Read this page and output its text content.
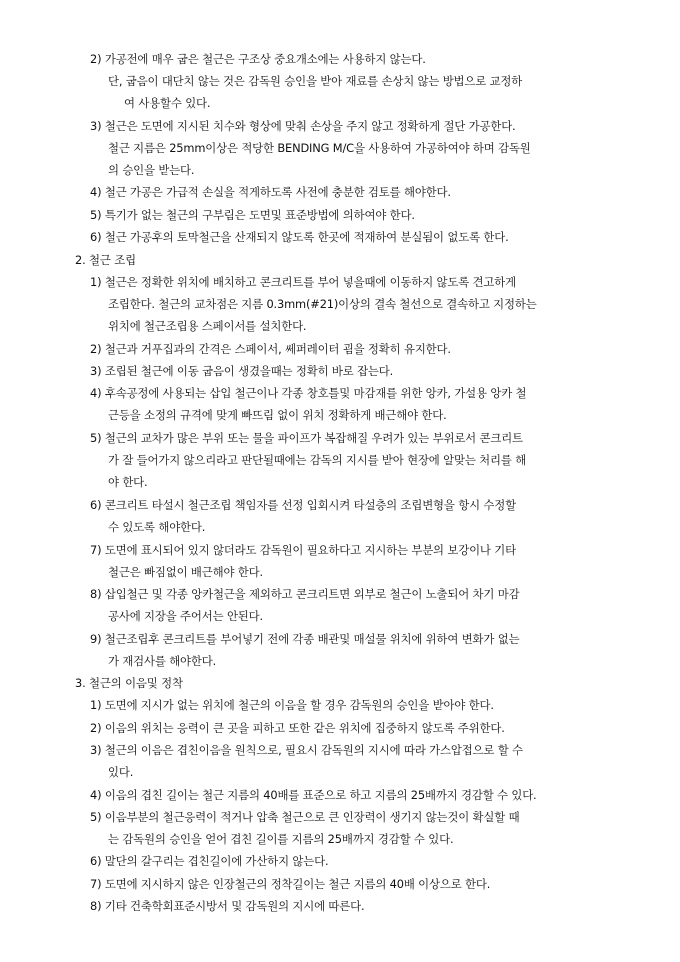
2) 가공전에 매우 굽은 철근은 구조상 중요개소에는 사용하지 않는다.
단, 굽음이 대단치 않는 것은 감독원 승인을 받아 재료를 손상치 않는 방법으로 교정하
여 사용할수 있다.
3) 철근은 도면에 지시된 치수와 형상에 맞춰 손상을 주지 않고 정확하게 절단 가공한다.
철근 지름은 25mm이상은 적당한 BENDING M/C을 사용하여 가공하여야 하며 감독원
의 승인을 받는다.
4) 철근 가공은 가급적 손실을 적게하도록 사전에 충분한 검토를 해야한다.
5) 특기가 없는 철근의 구부림은 도면및 표준방법에 의하여야 한다.
6) 철근 가공후의 토막철근을 산재되지 않도록 한곳에 적재하여 분실됨이 없도록 한다.
2. 철근 조립
1) 철근은 정확한 위치에 배치하고 콘크리트를 부어 넣을때에 이동하지 않도록 견고하게
조립한다. 철근의 교차점은 지름 0.3mm(#21)이상의 결속 철선으로 결속하고 지정하는
위치에 철근조립용 스페이서를 설치한다.
2) 철근과 거푸집과의 간격은 스페이서, 쎄퍼레이터 굄을 정확히 유지한다.
3) 조립된 철근에 이동 굽음이 생겼을때는 정확히 바로 잡는다.
4) 후속공정에 사용되는 삽입 철근이나 각종 창호틀및 마감재를 위한 앙카, 가설용 앙카 철
근등을 소정의 규격에 맞게 빠뜨림 없이 위치 정확하게 배근해야 한다.
5) 철근의 교차가 많은 부위 또는 물을 파이프가 복잡해질 우려가 있는 부위로서 콘크리트
가 잘 들어가지 않으리라고 판단될때에는 감독의 지시를 받아 현장에 알맞는 처리를 해
야 한다.
6) 콘크리트 타설시 철근조립 책임자를 선정 입회시켜 타설층의 조립변형을 항시 수정할
수 있도록 해야한다.
7) 도면에 표시되어 있지 않더라도 감독원이 필요하다고 지시하는 부분의 보강이나 기타
철근은 빠짐없이 배근해야 한다.
8) 삽입철근 및 각종 앙카철근을 제외하고 콘크리트면 외부로 철근이 노출되어 차기 마감
공사에 지장을 주어서는 안된다.
9) 철근조립후 콘크리트를 부어넣기 전에 각종 배관및 매설물 위치에 위하여 변화가 없는
가 재검사를 해야한다.
3. 철근의 이음및 정착
1) 도면에 지시가 없는 위치에 철근의 이음을 할 경우 감독원의 승인을 받아야 한다.
2) 이음의 위치는 응력이 큰 곳을 피하고 또한 같은 위치에 집중하지 않도록 주위한다.
3) 철근의 이음은 겹친이음을 원칙으로, 필요시 감독원의 지시에 따라 가스압접으로 할 수
있다.
4) 이음의 겹친 길이는 철근 지름의 40배를 표준으로 하고 지름의 25배까지 경감할 수 있다.
5) 이음부분의 철근응력이 적거나 압축 철근으로 큰 인장력이 생기지 않는것이 확실할 때
는 감독원의 승인을 얻어 겹친 길이를 지름의 25배까지 경감할 수 있다.
6) 말단의 갈구리는 겹친길이에 가산하지 않는다.
7) 도면에 지시하지 않은 인장철근의 정착길이는 철근 지름의 40배 이상으로 한다.
8) 기타 건축학회표준시방서 및 감독원의 지시에 따른다.
